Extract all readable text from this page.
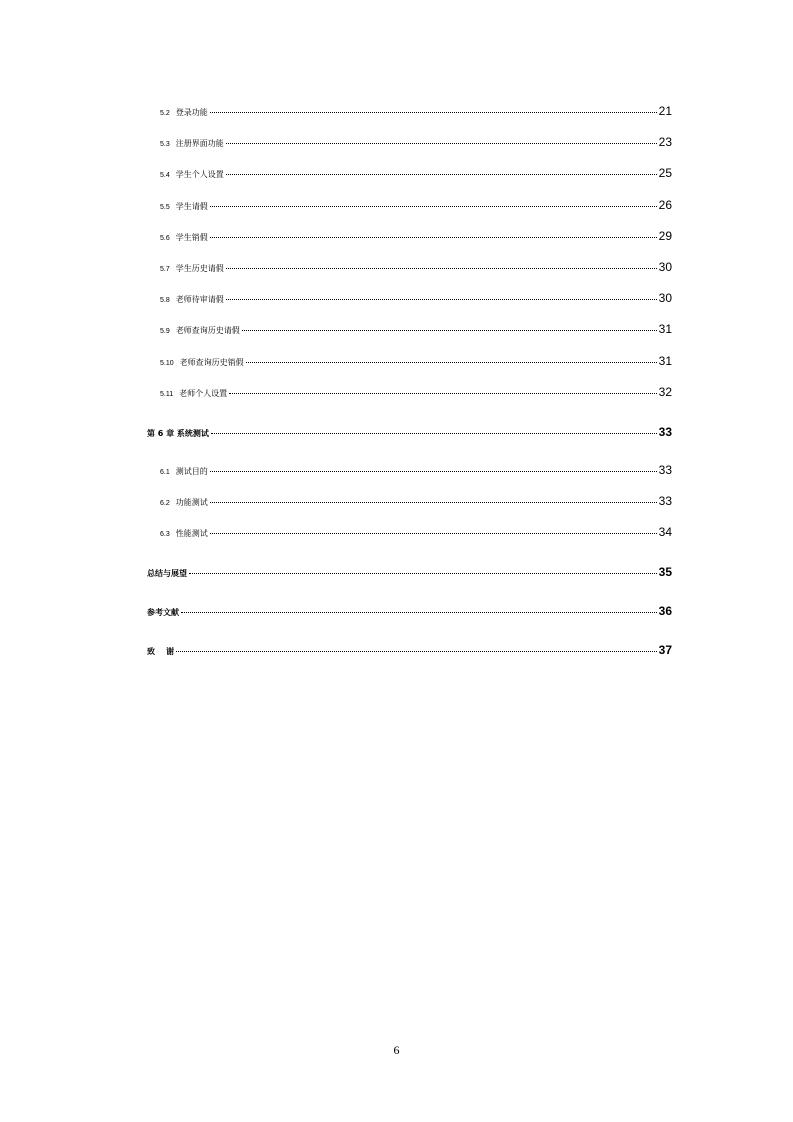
5.2 登录功能	21
5.3 注册界面功能	23
5.4 学生个人设置	25
5.5 学生请假	26
5.6 学生销假	29
5.7 学生历史请假	30
5.8 老师待审请假	30
5.9 老师查询历史请假	31
5.10 老师查询历史销假	31
5.11 老师个人设置	32
第 6 章 系统测试	33
6.1 测试目的	33
6.2 功能测试	33
6.3 性能测试	34
总结与展望	35
参考文献	36
致    谢	37
6
